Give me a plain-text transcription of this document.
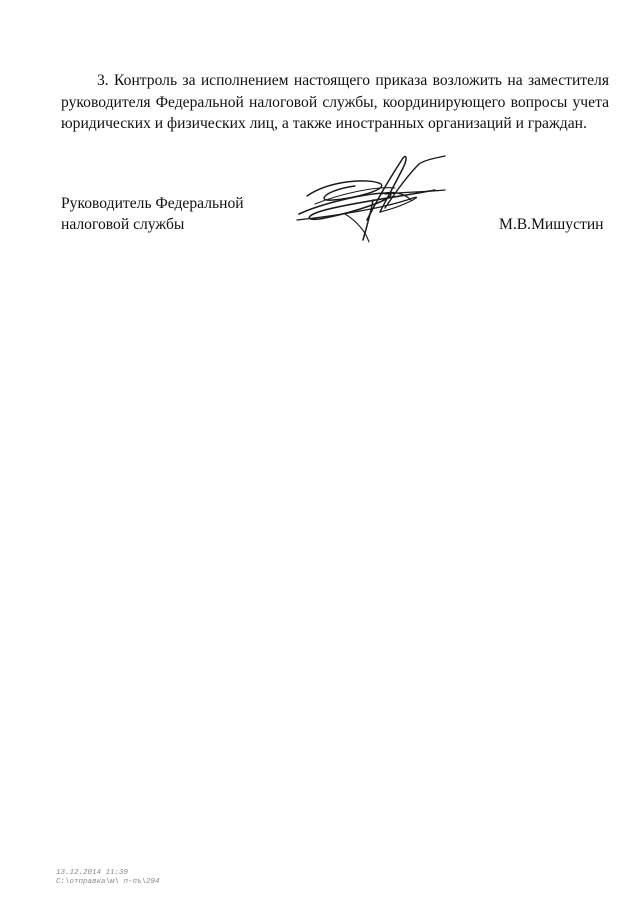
3. Контроль за исполнением настоящего приказа возложить на заместителя руководителя Федеральной налоговой службы, координирующего вопросы учета юридических и физических лиц, а также иностранных организаций и граждан.

Руководитель Федеральной
налоговой службы	М.В.Мишустин
13.12.2014 11:39
С:\отправка\м\ п-пъ\294
